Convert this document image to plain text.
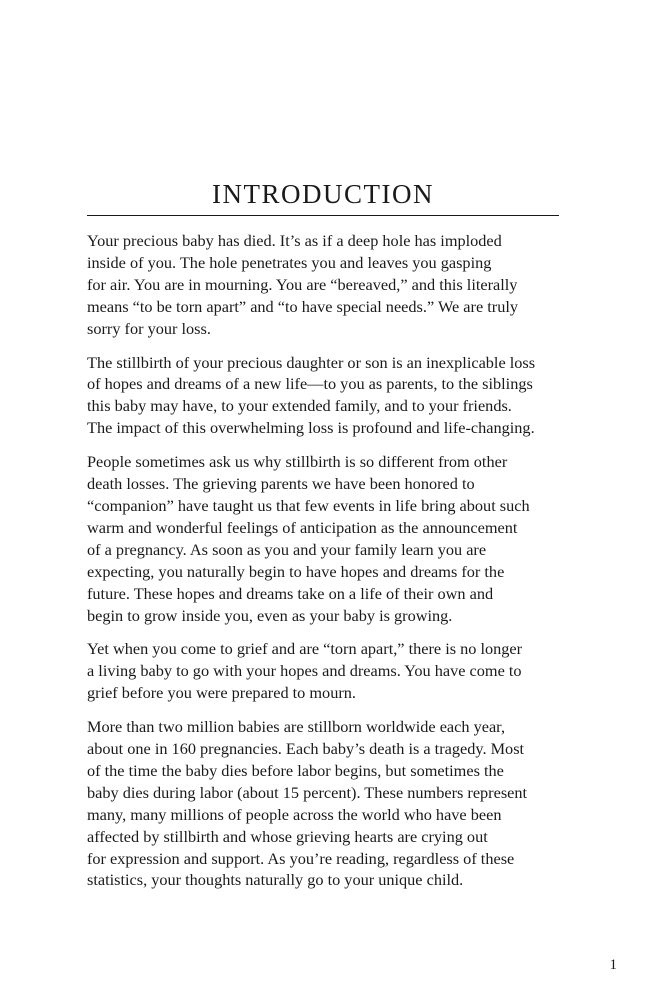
INTRODUCTION

Your precious baby has died. It’s as if a deep hole has imploded
inside of you. The hole penetrates you and leaves you gasping
for air. You are in mourning. You are “bereaved,” and this literally
means “to be torn apart” and “to have special needs.” We are truly
sorry for your loss.

The stillbirth of your precious daughter or son is an inexplicable loss
of hopes and dreams of a new life—to you as parents, to the siblings
this baby may have, to your extended family, and to your friends.
The impact of this overwhelming loss is profound and life-changing.

People sometimes ask us why stillbirth is so different from other
death losses. The grieving parents we have been honored to
“companion” have taught us that few events in life bring about such
warm and wonderful feelings of anticipation as the announcement
of a pregnancy. As soon as you and your family learn you are
expecting, you naturally begin to have hopes and dreams for the
future. These hopes and dreams take on a life of their own and
begin to grow inside you, even as your baby is growing.

Yet when you come to grief and are “torn apart,” there is no longer
a living baby to go with your hopes and dreams. You have come to
grief before you were prepared to mourn.

More than two million babies are stillborn worldwide each year,
about one in 160 pregnancies. Each baby’s death is a tragedy. Most
of the time the baby dies before labor begins, but sometimes the
baby dies during labor (about 15 percent). These numbers represent
many, many millions of people across the world who have been
affected by stillbirth and whose grieving hearts are crying out
for expression and support. As you’re reading, regardless of these
statistics, your thoughts naturally go to your unique child.

1
